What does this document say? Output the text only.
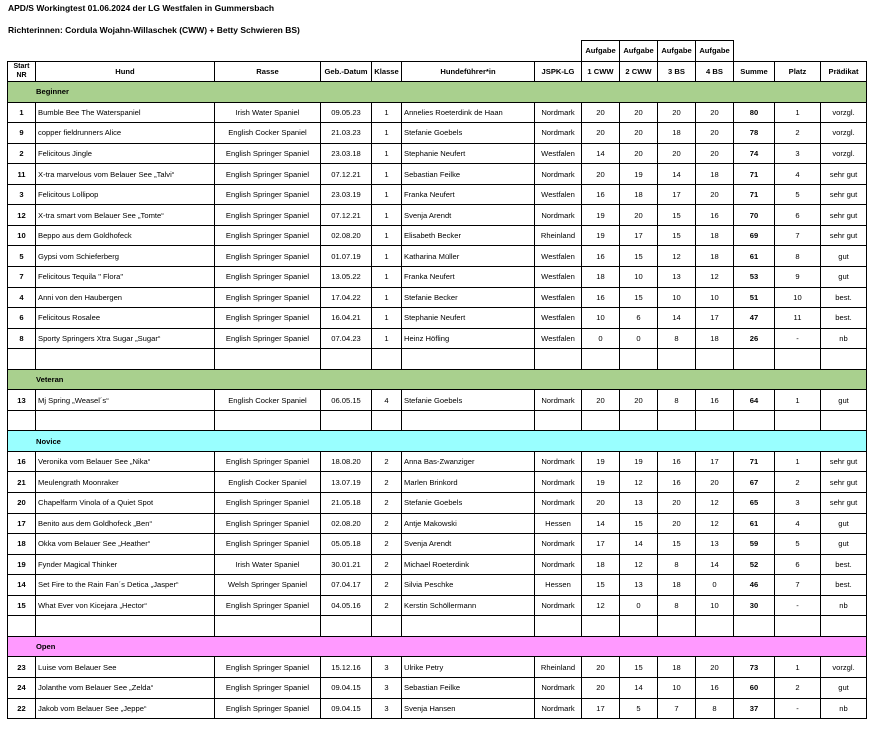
APD/S Workingtest 01.06.2024 der LG Westfalen in Gummersbach
Richterinnen: Cordula Wojahn-Willaschek (CWW) + Betty Schwieren BS)
							Aufgabe	Aufgabe	Aufgabe	Aufgabe			
Start NR	Hund	Rasse	Geb.-Datum	Klasse	Hundeführer*in	JSPK-LG	1 CWW	2 CWW	3 BS	4 BS	Summe	Platz	Prädikat
Beginner													
1	Bumble Bee The Waterspaniel	Irish Water Spaniel	09.05.23	1	Annelies Roeterdink de Haan	Nordmark	20	20	20	20	80	1	vorzgl.
9	copper fieldrunners Alice	English Cocker Spaniel	21.03.23	1	Stefanie Goebels	Nordmark	20	20	18	20	78	2	vorzgl.
2	Felicitous Jingle	English Springer Spaniel	23.03.18	1	Stephanie Neufert	Westfalen	14	20	20	20	74	3	vorzgl.
11	X-tra marvelous vom Belauer See „Talvi“	English Springer Spaniel	07.12.21	1	Sebastian Feilke	Nordmark	20	19	14	18	71	4	sehr gut
3	Felicitous Lollipop	English Springer Spaniel	23.03.19	1	Franka Neufert	Westfalen	16	18	17	20	71	5	sehr gut
12	X-tra smart vom Belauer See „Tomte“	English Springer Spaniel	07.12.21	1	Svenja Arendt	Nordmark	19	20	15	16	70	6	sehr gut
10	Beppo aus dem Goldhofeck	English Springer Spaniel	02.08.20	1	Elisabeth Becker	Rheinland	19	17	15	18	69	7	sehr gut
5	Gypsi vom Schieferberg	English Springer Spaniel	01.07.19	1	Katharina Müller	Westfalen	16	15	12	18	61	8	gut
7	Felicitous Tequila " Flora"	English Springer Spaniel	13.05.22	1	Franka Neufert	Westfalen	18	10	13	12	53	9	gut
4	Anni von den Haubergen	English Springer Spaniel	17.04.22	1	Stefanie Becker	Westfalen	16	15	10	10	51	10	best.
6	Felicitous Rosalee	English Springer Spaniel	16.04.21	1	Stephanie Neufert	Westfalen	10	6	14	17	47	11	best.
8	Sporty Springers Xtra Sugar „Sugar“	English Springer Spaniel	07.04.23	1	Heinz Höfling	Westfalen	0	0	8	18	26	-	nb

Veteran													
13	Mj Spring „Weasel´s“	English Cocker Spaniel	06.05.15	4	Stefanie Goebels	Nordmark	20	20	8	16	64	1	gut

Novice													
16	Veronika vom Belauer See „Nika“	English Springer Spaniel	18.08.20	2	Anna Bas-Zwanziger	Nordmark	19	19	16	17	71	1	sehr gut
21	Meulengrath Moonraker	English Cocker Spaniel	13.07.19	2	Marlen Brinkord	Nordmark	19	12	16	20	67	2	sehr gut
20	Chapelfarm Vinola of a Quiet Spot	English Springer Spaniel	21.05.18	2	Stefanie Goebels	Nordmark	20	13	20	12	65	3	sehr gut
17	Benito aus dem Goldhofeck „Ben“	English Springer Spaniel	02.08.20	2	Antje Makowski	Hessen	14	15	20	12	61	4	gut
18	Okka vom Belauer See „Heather“	English Springer Spaniel	05.05.18	2	Svenja Arendt	Nordmark	17	14	15	13	59	5	gut
19	Fynder Magical Thinker	Irish Water Spaniel	30.01.21	2	Michael Roeterdink	Nordmark	18	12	8	14	52	6	best.
14	Set Fire to the Rain Fan´s Detica „Jasper“	Welsh Springer Spaniel	07.04.17	2	Silvia Peschke	Hessen	15	13	18	0	46	7	best.
15	What Ever von Kicejara „Hector“	English Springer Spaniel	04.05.16	2	Kerstin Schöllermann	Nordmark	12	0	8	10	30	-	nb

Open													
23	Luise vom Belauer See	English Springer Spaniel	15.12.16	3	Ulrike Petry	Rheinland	20	15	18	20	73	1	vorzgl.
24	Jolanthe vom Belauer See „Zelda“	English Springer Spaniel	09.04.15	3	Sebastian Feilke	Nordmark	20	14	10	16	60	2	gut
22	Jakob vom Belauer See „Jeppe“	English Springer Spaniel	09.04.15	3	Svenja Hansen	Nordmark	17	5	7	8	37	-	nb
